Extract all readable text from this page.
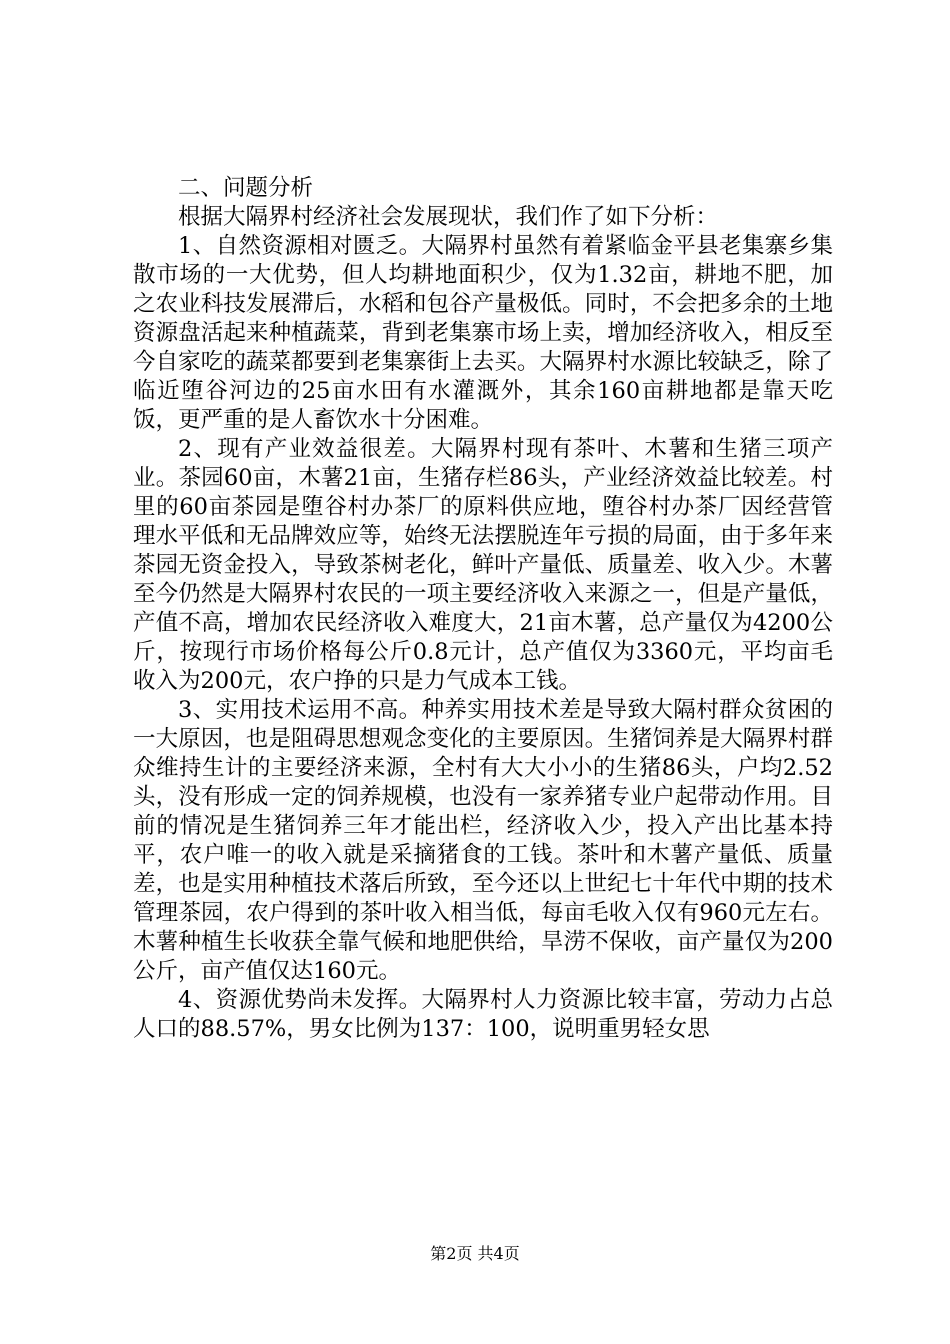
二、问题分析

根据大隔界村经济社会发展现状，我们作了如下分析：

1、自然资源相对匮乏。大隔界村虽然有着紧临金平县老集寨乡集散市场的一大优势，但人均耕地面积少，仅为1.32亩，耕地不肥，加之农业科技发展滞后，水稻和包谷产量极低。同时，不会把多余的土地资源盘活起来种植蔬菜，背到老集寨市场上卖，增加经济收入，相反至今自家吃的蔬菜都要到老集寨街上去买。大隔界村水源比较缺乏，除了临近堕谷河边的25亩水田有水灌溉外，其余160亩耕地都是靠天吃饭，更严重的是人畜饮水十分困难。

2、现有产业效益很差。大隔界村现有茶叶、木薯和生猪三项产业。茶园60亩，木薯21亩，生猪存栏86头，产业经济效益比较差。村里的60亩茶园是堕谷村办茶厂的原料供应地，堕谷村办茶厂因经营管理水平低和无品牌效应等，始终无法摆脱连年亏损的局面，由于多年来茶园无资金投入，导致茶树老化，鲜叶产量低、质量差、收入少。木薯至今仍然是大隔界村农民的一项主要经济收入来源之一，但是产量低，产值不高，增加农民经济收入难度大，21亩木薯，总产量仅为4200公斤，按现行市场价格每公斤0.8元计，总产值仅为3360元，平均亩毛收入为200元，农户挣的只是力气成本工钱。

3、实用技术运用不高。种养实用技术差是导致大隔村群众贫困的一大原因，也是阻碍思想观念变化的主要原因。生猪饲养是大隔界村群众维持生计的主要经济来源，全村有大大小小的生猪86头，户均2.52头，没有形成一定的饲养规模，也没有一家养猪专业户起带动作用。目前的情况是生猪饲养三年才能出栏，经济收入少，投入产出比基本持平，农户唯一的收入就是采摘猪食的工钱。茶叶和木薯产量低、质量差，也是实用种植技术落后所致，至今还以上世纪七十年代中期的技术管理茶园，农户得到的茶叶收入相当低，每亩毛收入仅有960元左右。木薯种植生长收获全靠气候和地肥供给，旱涝不保收，亩产量仅为200公斤，亩产值仅达160元。

4、资源优势尚未发挥。大隔界村人力资源比较丰富，劳动力占总人口的88.57%，男女比例为137：100，说明重男轻女思

第2页 共4页
